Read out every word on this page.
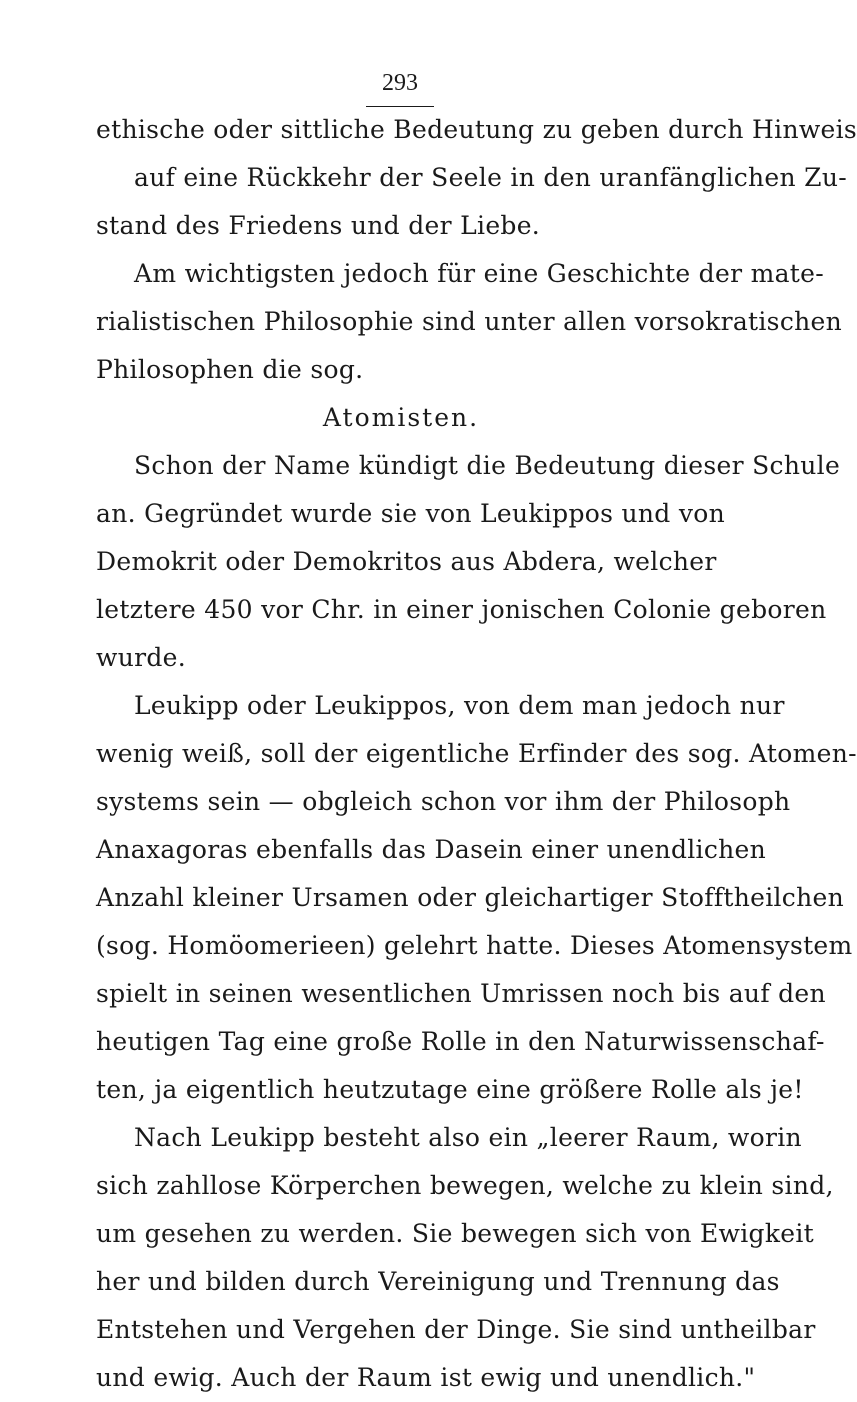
293
ethische oder sittliche Bedeutung zu geben durch Hinweis
auf eine Rückkehr der Seele in den uranfänglichen Zu-
stand des Friedens und der Liebe.
Am wichtigsten jedoch für eine Geschichte der mate-
rialistischen Philosophie sind unter allen vorsokratischen
Philosophen die sog.
Atomisten.
Schon der Name kündigt die Bedeutung dieser Schule
an. Gegründet wurde sie von Leukippos und von
Demokrit oder Demokritos aus Abdera, welcher
letztere 450 vor Chr. in einer jonischen Colonie geboren
wurde.
Leukipp oder Leukippos, von dem man jedoch nur
wenig weiß, soll der eigentliche Erfinder des sog. Atomen-
systems sein — obgleich schon vor ihm der Philosoph
Anaxagoras ebenfalls das Dasein einer unendlichen
Anzahl kleiner Ursamen oder gleichartiger Stofftheilchen
(sog. Homöomerieen) gelehrt hatte. Dieses Atomensystem
spielt in seinen wesentlichen Umrissen noch bis auf den
heutigen Tag eine große Rolle in den Naturwissenschaf-
ten, ja eigentlich heutzutage eine größere Rolle als je!
Nach Leukipp besteht also ein „leerer Raum, worin
sich zahllose Körperchen bewegen, welche zu klein sind,
um gesehen zu werden. Sie bewegen sich von Ewigkeit
her und bilden durch Vereinigung und Trennung das
Entstehen und Vergehen der Dinge. Sie sind untheilbar
und ewig. Auch der Raum ist ewig und unendlich."
